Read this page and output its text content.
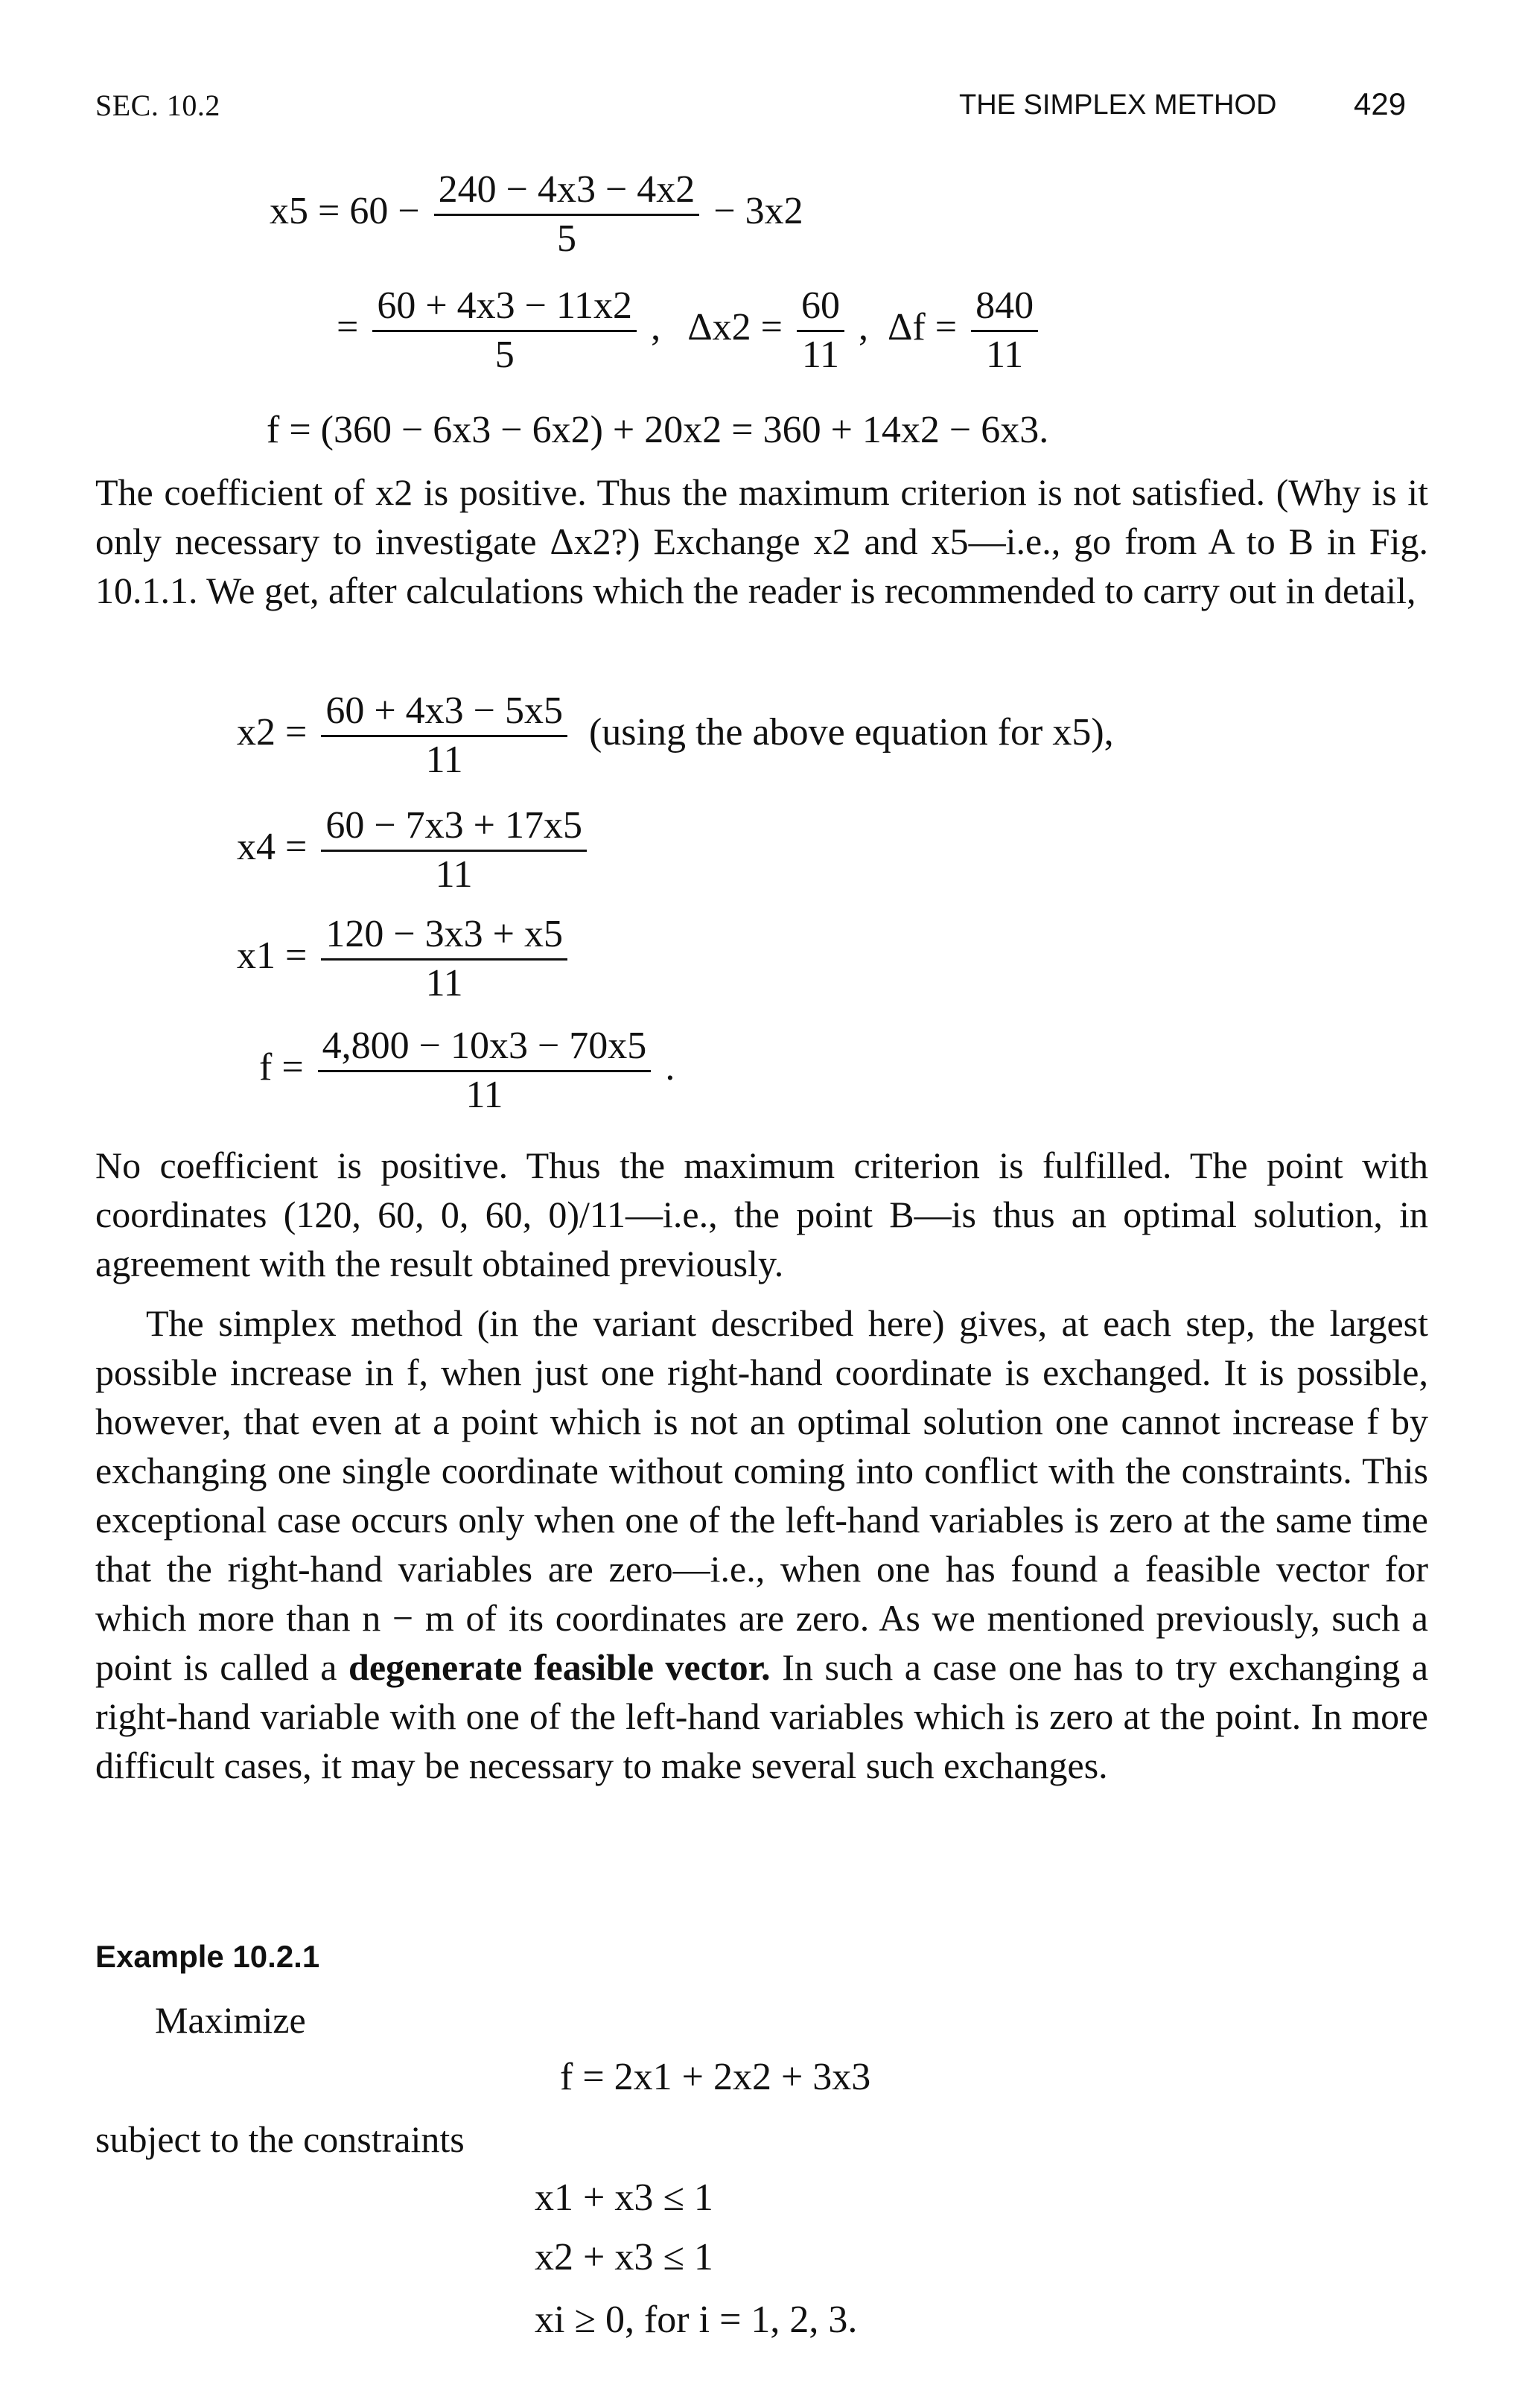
SEC. 10.2	THE SIMPLEX METHOD 429
$x5 = 60 - \frac{240 - 4x3 - 4x2}{5} - 3x2$
= $\frac{60 + 4x3 - 11x2}{5}$ ,   $\Delta x2 = \frac{60}{11}$ ,  $\Delta f = \frac{840}{11}$
f = (360 − 6x3 − 6x2) + 20x2 = 360 + 14x2 − 6x3.
The coefficient of x2 is positive. Thus the maximum criterion is not satisfied. (Why is it only necessary to investigate Δx2?) Exchange x2 and x5—i.e., go from A to B in Fig. 10.1.1. We get, after calculations which the reader is recommended to carry out in detail,
$x2 = \frac{60 + 4x3 - 5x5}{11} (using$ the above equation for x5),
$x4 = \frac{60 - 7x3 + 17x5}{11}$
$x1 = \frac{120 - 3x3 + x5}{11}$
$f = \frac{4,800 - 10x3 - 70x5}{11}$ .
No coefficient is positive. Thus the maximum criterion is fulfilled. The point with coordinates (120, 60, 0, 60, 0)/11—i.e., the point B—is thus an optimal solution, in agreement with the result obtained previously.
The simplex method (in the variant described here) gives, at each step, the largest possible increase in f, when just one right-hand coordinate is exchanged. It is possible, however, that even at a point which is not an optimal solution one cannot increase f by exchanging one single coordinate without coming into conflict with the constraints. This exceptional case occurs only when one of the left-hand variables is zero at the same time that the right-hand variables are zero—i.e., when one has found a feasible vector for which more than n − m of its coordinates are zero. As we mentioned previously, such a point is called a degenerate feasible vector. In such a case one has to try exchanging a right-hand variable with one of the left-hand variables which is zero at the point. In more difficult cases, it may be necessary to make several such exchanges.
Example 10.2.1
Maximize
f = 2x1 + 2x2 + 3x3
subject to the constraints
x1 + x3 ≤ 1
x2 + x3 ≤ 1
xi ≥ 0, for i = 1, 2, 3.
